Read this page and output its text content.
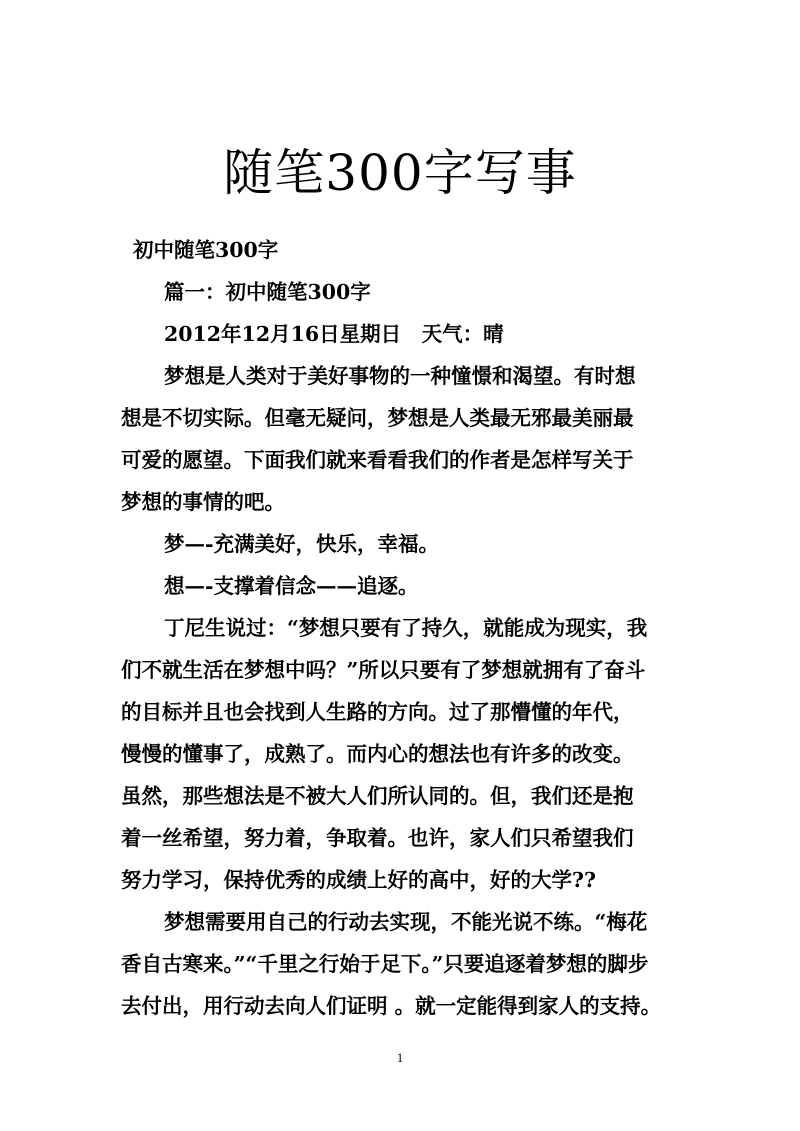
随笔300字写事
初中随笔300字
篇一：初中随笔300字
2012年12月16日星期日　天气：晴
梦想是人类对于美好事物的一种憧憬和渴望。有时想
想是不切实际。但毫无疑问，梦想是人类最无邪最美丽最
可爱的愿望。下面我们就来看看我们的作者是怎样写关于
梦想的事情的吧。
梦—-充满美好，快乐，幸福。
想—-支撑着信念——追逐。
丁尼生说过：“梦想只要有了持久，就能成为现实，我
们不就生活在梦想中吗？”所以只要有了梦想就拥有了奋斗
的目标并且也会找到人生路的方向。过了那懵懂的年代，
慢慢的懂事了，成熟了。而内心的想法也有许多的改变。
虽然，那些想法是不被大人们所认同的。但，我们还是抱
着一丝希望，努力着，争取着。也许，家人们只希望我们
努力学习，保持优秀的成绩上好的高中，好的大学??
梦想需要用自己的行动去实现，不能光说不练。“梅花
香自古寒来。”“千里之行始于足下。”只要追逐着梦想的脚步
去付出，用行动去向人们证明 。就一定能得到家人的支持。
1
